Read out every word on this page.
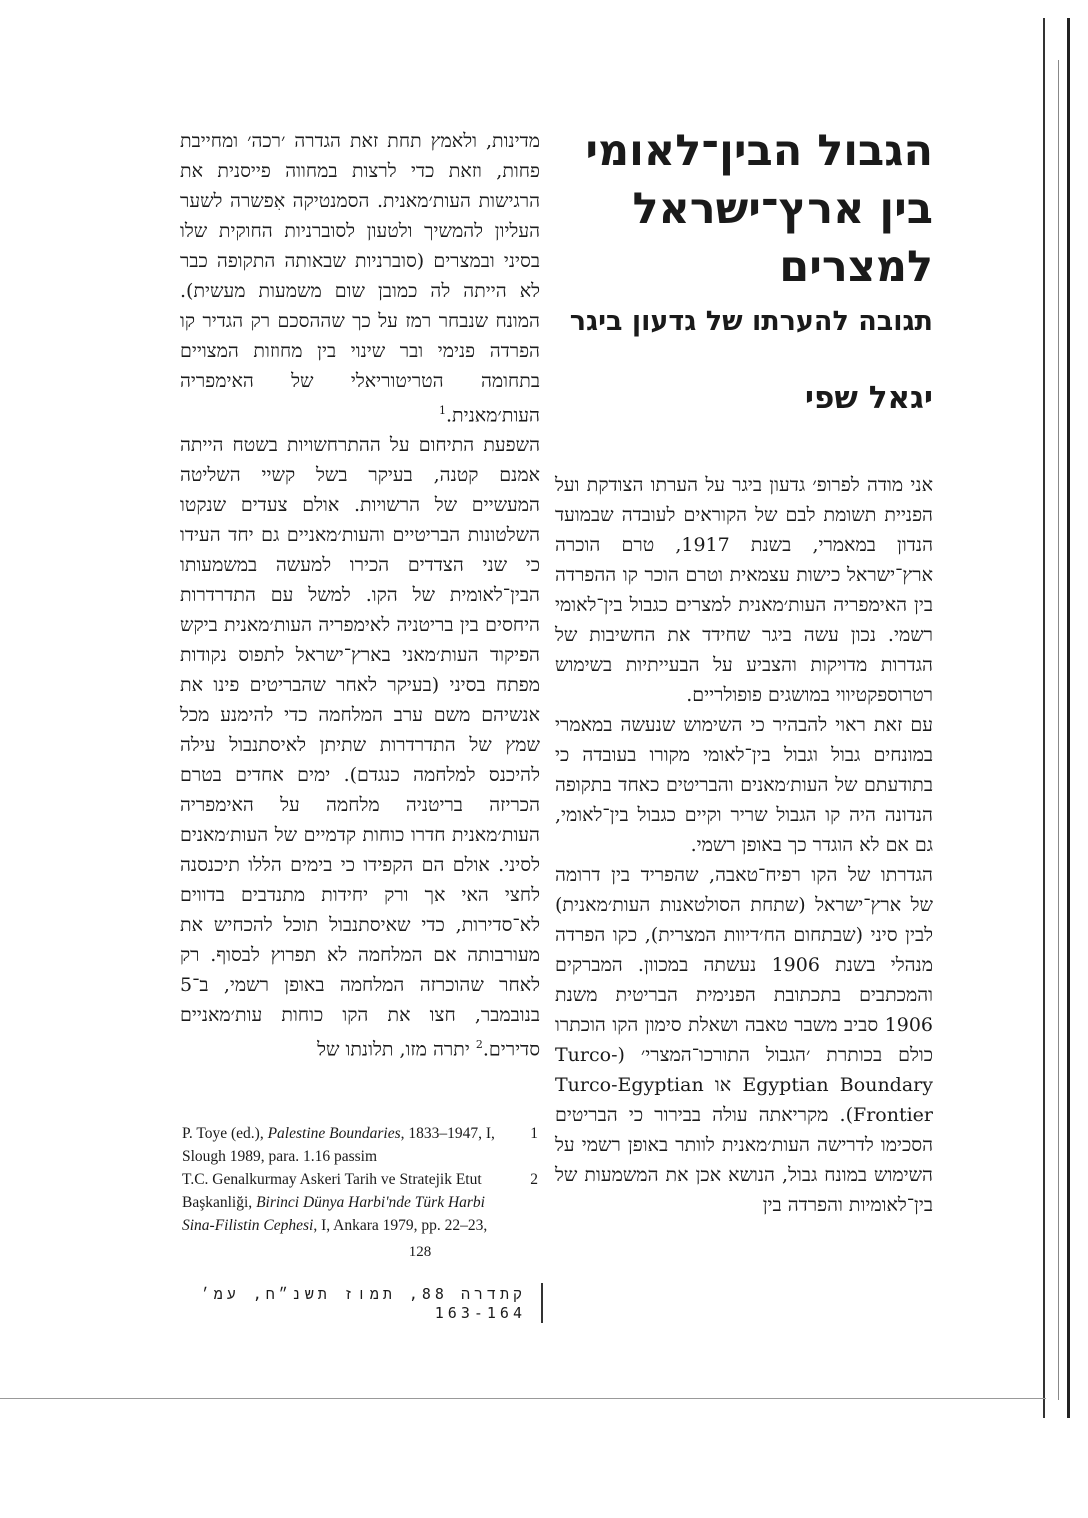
הגבול הבין־לאומי
בין ארץ־ישראל למצרים
תגובה להערתו של גדעון ביגר
יגאל שפי

אני מודה לפרופ׳ גדעון ביגר על הערתו הצודקת ועל הפניית תשומת לבם של הקוראים לעובדה שבמועד הנדון במאמרי, בשנת 1917, טרם הוכרה ארץ־ישראל כישות עצמאית וטרם הוכר קו ההפרדה בין האימפריה העות׳מאנית למצרים כגבול בין־לאומי רשמי. נכון עשה ביגר שחידד את החשיבות של הגדרות מדויקות והצביע על הבעייתיות בשימוש רטרוספקטיווי במושגים פופולריים.

עם זאת ראוי להבהיר כי השימוש שנעשה במאמרי במונחים גבול וגבול בין־לאומי מקורו בעובדה כי בתודעתם של העות׳מאנים והבריטים כאחד בתקופה הנדונה היה קו הגבול שריר וקיים כגבול בין־לאומי, גם אם לא הוגדר כך באופן רשמי.

הגדרתו של הקו רפיח־טאבה, שהפריד בין דרומה של ארץ־ישראל (שתחת הסולטאנות העות׳מאנית) לבין סיני (שבתחום הח׳דיוות המצרית), כקו הפרדה מנהלי בשנת 1906 נעשתה במכוון. המברקים והמכתבים בתכתובת הפנימית הבריטית משנת 1906 סביב משבר טאבה ושאלת סימון הקו הוכתרו כולם בכותרת ׳הגבול התורכו־המצרי׳ (Turco-Egyptian Boundary או Turco-Egyptian Frontier). מקריאתה עולה בבירור כי הבריטים הסכימו לדרישה העות׳מאנית לוותר באופן רשמי על השימוש במונח גבול, הנושא אכן את המשמעות של בין־לאומיות והפרדה בין

מדינות, ולאמץ תחת זאת הגדרה ׳רכה׳ ומחייבת פחות, וזאת כדי לרצות במחווה פייסנית את הרגישות העות׳מאנית. הסמנטיקה אִפשרה לשער העליון להמשיך ולטעון לסוברניות החוקית שלו בסיני ובמצרים (סוברניות שבאותה התקופה כבר לא הייתה לה כמובן שום משמעות מעשית). המונח שנבחר רמז על כך שההסכם רק הגדיר קו הפרדה פנימי ובר שינוי בין מחוזות המצויים בתחומה הטריטוריאלי של האימפריה העות׳מאנית.$^1$

השפעת התיחום על ההתרחשויות בשטח הייתה אמנם קטנה, בעיקר בשל קשיי השליטה המעשיים של הרשויות. אולם צעדים שנקטו השלטונות הבריטיים והעות׳מאניים גם יחד העידו כי שני הצדדים הכירו למעשה במשמעותו הבין־לאומית של הקו. למשל עם התדרדרות היחסים בין בריטניה לאימפריה העות׳מאנית ביקש הפיקוד העות׳מאני בארץ־ישראל לתפוס נקודות מפתח בסיני (בעיקר לאחר שהבריטים פינו את אנשיהם משם ערב המלחמה כדי להימנע מכל שמץ של התדרדרות שתיתן לאיסתנבול עילה להיכנס למלחמה כנגדם). ימים אחדים בטרם הכריזה בריטניה מלחמה על האימפריה העות׳מאנית חדרו כוחות קדמיים של העות׳מאנים לסיני. אולם הם הקפידו כי בימים הללו תיכנסנה לחצי האי אך ורק יחידות מתנדבים בדווים לא־סדירות, כדי שאיסתנבול תוכל להכחיש את מעורבותה אם המלחמה לא תפרוץ לבסוף. רק לאחר שהוכרזה המלחמה באופן רשמי, ב־5 בנובמבר, חצו את הקו כוחות עות׳מאניים סדירים.$^2$ יתרה מזו, תלונתו של

P. Toye (ed.), Palestine Boundaries, 1833–1947, I, Slough 1989, para. 1.16 passim
1
T.C. Genalkurmay Askeri Tarih ve Stratejik Etut Başkanliği, Birinci Dünya Harbi'nde Türk Harbi Sina-Filistin Cephesi, I, Ankara 1979, pp. 22–23,
2
128
קתדרה 88, תמוז תשנ״ח, עמ׳ 163-164
